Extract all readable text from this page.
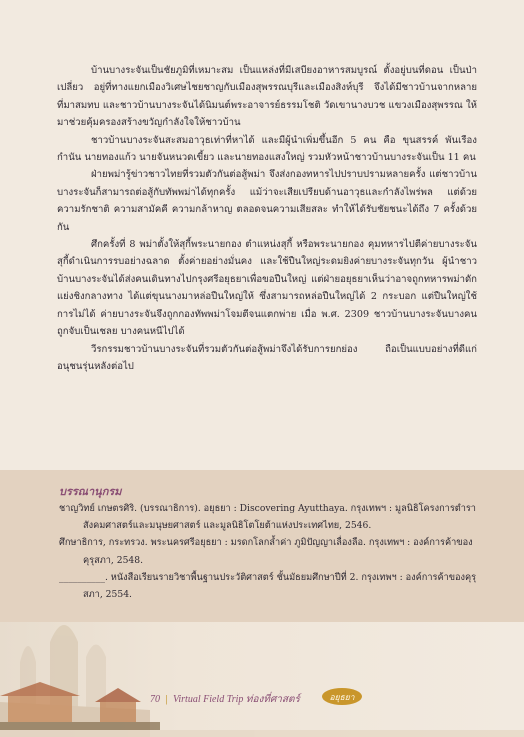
บ้านบางระจันเป็นชัยภูมิที่เหมาะสม เป็นแหล่งที่มีเสบียงอาหารสมบูรณ์ ตั้งอยู่บนที่ดอน เป็นป่าเปลี่ยว อยู่ที่ทางแยกเมืองวิเศษไชยชาญกับเมืองสุพรรณบุรีและเมืองสิงห์บุรี จึงได้มีชาวบ้านจากหลายที่มาสมทบ และชาวบ้านบางระจันได้นิมนต์พระอาจารย์ธรรมโชติ วัดเขานางบวช แขวงเมืองสุพรรณ ให้มาช่วยคุ้มครองสร้างขวัญกำลังใจให้ชาวบ้าน

ชาวบ้านบางระจันสะสมอาวุธเท่าที่หาได้ และมีผู้นำเพิ่มขึ้นอีก 5 คน คือ ขุนสรรค์ พันเรืองกำนัน นายทองแก้ว นายจันหนวดเขี้ยว และนายทองแสงใหญ่ รวมหัวหน้าชาวบ้านบางระจันเป็น 11 คน

ฝ่ายพม่ารู้ข่าวชาวไทยที่รวมตัวกันต่อสู้พม่า จึงส่งกองทหารไปปราบปรามหลายครั้ง แต่ชาวบ้านบางระจันก็สามารถต่อสู้กับทัพพม่าได้ทุกครั้ง แม้ว่าจะเสียเปรียบด้านอาวุธและกำลังไพร่พล แต่ด้วยความรักชาติ ความสามัคคี ความกล้าหาญ ตลอดจนความเสียสละ ทำให้ได้รับชัยชนะได้ถึง 7 ครั้งด้วยกัน

ศึกครั้งที่ 8 พม่าตั้งให้สุกี้พระนายกอง ตำแหน่งสุกี้ หรือพระนายกอง คุมทหารไปตีค่ายบางระจัน สุกี้ดำเนินการรบอย่างฉลาด ตั้งค่ายอย่างมั่นคง และใช้ปืนใหญ่ระดมยิงค่ายบางระจันทุกวัน ผู้นำชาวบ้านบางระจันได้ส่งคนเดินทางไปกรุงศรีอยุธยาเพื่อขอปืนใหญ่ แต่ฝ่ายอยุธยาเห็นว่าอาจถูกทหารพม่าดักแย่งชิงกลางทาง ได้แต่ขุนนางมาหล่อปืนใหญ่ให้ ซึ่งสามารถหล่อปืนใหญ่ได้ 2 กระบอก แต่ปืนใหญ่ใช้การไม่ได้ ค่ายบางระจันจึงถูกกองทัพพม่าโจมตีจนแตกพ่าย เมื่อ พ.ศ. 2309 ชาวบ้านบางระจันบางคนถูกจับเป็นเชลย บางคนหนีไปได้

วีรกรรมชาวบ้านบางระจันที่รวมตัวกันต่อสู้พม่าจึงได้รับการยกย่อง ถือเป็นแบบอย่างที่ดีแก่อนุชนรุ่นหลังต่อไป

บรรณานุกรม

ชาญวิทย์ เกษตรศิริ. (บรรณาธิการ). อยุธยา : Discovering Ayutthaya. กรุงเทพฯ : มูลนิธิโครงการตำราสังคมศาสตร์และมนุษยศาสตร์ และมูลนิธิโตโยต้าแห่งประเทศไทย, 2546.

ศึกษาธิการ, กระทรวง. พระนครศรีอยุธยา : มรดกโลกล้ำค่า ภูมิปัญญาเลื่องลือ. กรุงเทพฯ : องค์การค้าของคุรุสภา, 2548.

__________. หนังสือเรียนรายวิชาพื้นฐานประวัติศาสตร์ ชั้นมัธยมศึกษาปีที่ 2. กรุงเทพฯ : องค์การค้าของคุรุสภา, 2554.

70 | Virtual Field Trip ท่องที่ศาสตร์	อยุธยา
